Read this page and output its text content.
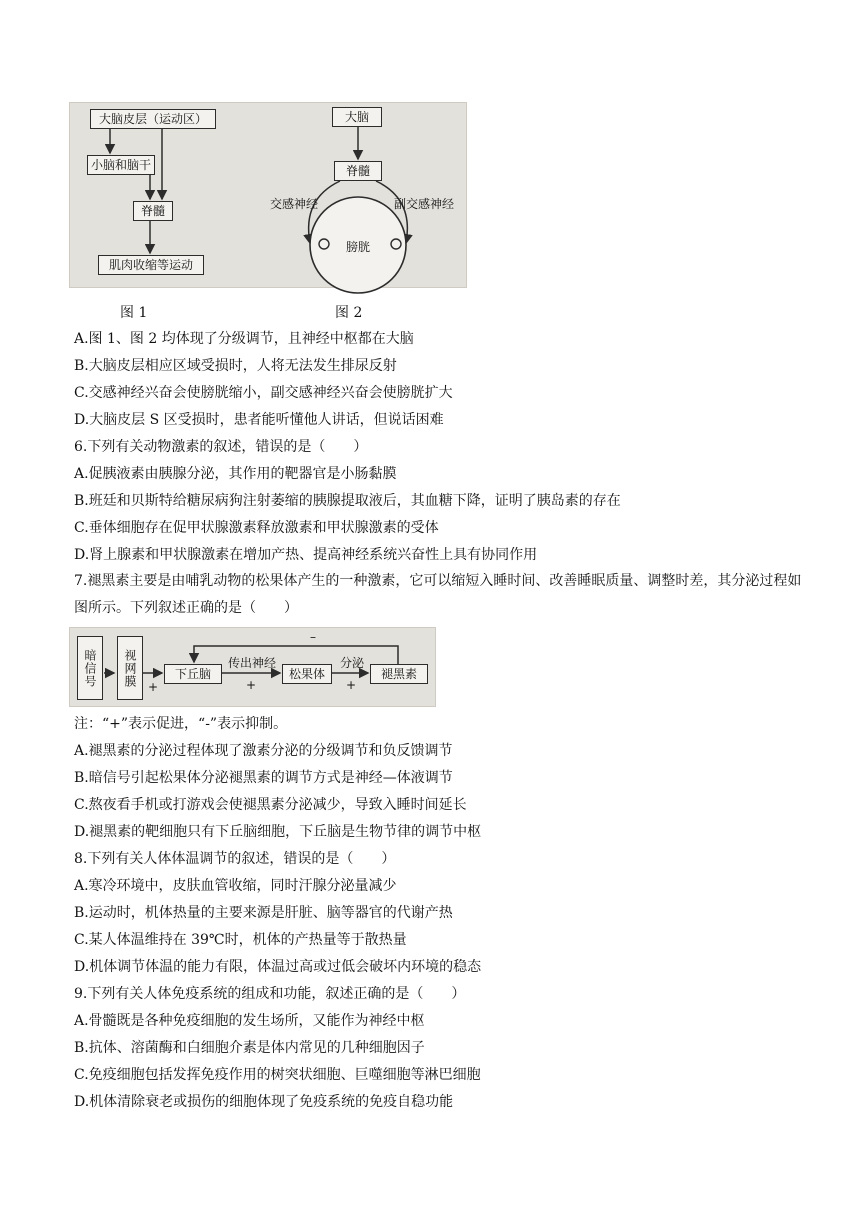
大脑皮层（运动区）
小脑和脑干
脊髓
肌肉收缩等运动
大脑
脊髓
交感神经	副交感神经
膀胱
图 1	图 2
A.图 1、图 2 均体现了分级调节，且神经中枢都在大脑
B.大脑皮层相应区域受损时，人将无法发生排尿反射
C.交感神经兴奋会使膀胱缩小，副交感神经兴奋会使膀胱扩大
D.大脑皮层 S 区受损时，患者能听懂他人讲话，但说话困难
6.下列有关动物激素的叙述，错误的是（　　）
A.促胰液素由胰腺分泌，其作用的靶器官是小肠黏膜
B.班廷和贝斯特给糖尿病狗注射萎缩的胰腺提取液后，其血糖下降，证明了胰岛素的存在
C.垂体细胞存在促甲状腺激素释放激素和甲状腺激素的受体
D.肾上腺素和甲状腺激素在增加产热、提高神经系统兴奋性上具有协同作用
7.褪黑素主要是由哺乳动物的松果体产生的一种激素，它可以缩短入睡时间、改善睡眠质量、调整时差，其分泌过程如图所示。下列叙述正确的是（　　）
暗信号	视网膜	下丘脑
传出神经
松果体
分泌
褪黑素
+	+	+
–
注：“+”表示促进，“-”表示抑制。
A.褪黑素的分泌过程体现了激素分泌的分级调节和负反馈调节
B.暗信号引起松果体分泌褪黑素的调节方式是神经—体液调节
C.熬夜看手机或打游戏会使褪黑素分泌减少，导致入睡时间延长
D.褪黑素的靶细胞只有下丘脑细胞，下丘脑是生物节律的调节中枢
8.下列有关人体体温调节的叙述，错误的是（　　）
A.寒冷环境中，皮肤血管收缩，同时汗腺分泌量减少
B.运动时，机体热量的主要来源是肝脏、脑等器官的代谢产热
C.某人体温维持在 39℃时，机体的产热量等于散热量
D.机体调节体温的能力有限，体温过高或过低会破坏内环境的稳态
9.下列有关人体免疫系统的组成和功能，叙述正确的是（　　）
A.骨髓既是各种免疫细胞的发生场所，又能作为神经中枢
B.抗体、溶菌酶和白细胞介素是体内常见的几种细胞因子
C.免疫细胞包括发挥免疫作用的树突状细胞、巨噬细胞等淋巴细胞
D.机体清除衰老或损伤的细胞体现了免疫系统的免疫自稳功能
